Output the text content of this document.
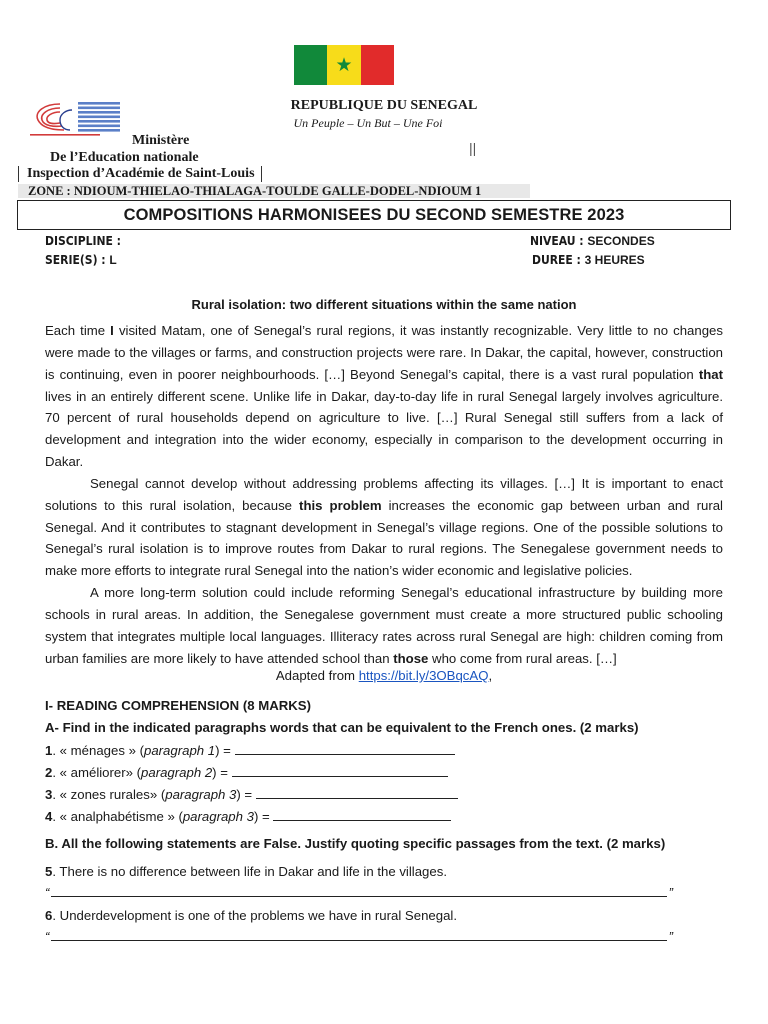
★
REPUBLIQUE DU SENEGAL
Un Peuple – Un But – Une Foi
Ministère
De l’Education nationale
||
Inspection d’Académie de Saint-Louis
ZONE : NDIOUM-THIELAO-THIALAGA-TOULDE GALLE-DODEL-NDIOUM 1
COMPOSITIONS HARMONISEES DU SECOND SEMESTRE 2023
DISCIPLINE :
SERIE(S) : L
NIVEAU : SECONDES
DUREE : 3 HEURES
Rural isolation: two different situations within the same nation

Each time I visited Matam, one of Senegal’s rural regions, it was instantly recognizable. Very little to no changes were made to the villages or farms, and construction projects were rare. In Dakar, the capital, however, construction is continuing, even in poorer neighbourhoods. […] Beyond Senegal’s capital, there is a vast rural population that lives in an entirely different scene. Unlike life in Dakar, day-to-day life in rural Senegal largely involves agriculture. 70 percent of rural households depend on agriculture to live. […] Rural Senegal still suffers from a lack of development and integration into the wider economy, especially in comparison to the development occurring in Dakar.

Senegal cannot develop without addressing problems affecting its villages. […] It is important to enact solutions to this rural isolation, because this problem increases the economic gap between urban and rural Senegal. And it contributes to stagnant development in Senegal’s village regions. One of the possible solutions to Senegal’s rural isolation is to improve routes from Dakar to rural regions. The Senegalese government needs to make more efforts to integrate rural Senegal into the nation’s wider economic and legislative policies.

A more long-term solution could include reforming Senegal’s educational infrastructure by building more schools in rural areas. In addition, the Senegalese government must create a more structured public schooling system that integrates multiple local languages. Illiteracy rates across rural Senegal are high: children coming from urban families are more likely to have attended school than those who come from rural areas. […]

Adapted from https://bit.ly/3OBqcAQ,
I- READING COMPREHENSION (8 MARKS)
A- Find in the indicated paragraphs words that can be equivalent to the French ones. (2 marks)
1. « ménages » (paragraph 1) =
2. « améliorer» (paragraph 2) =
3. « zones rurales» (paragraph 3) =
4. « analphabétisme » (paragraph 3) =
B. All the following statements are False. Justify quoting specific passages from the text. (2 marks)
5. There is no difference between life in Dakar and life in the villages.
“	”
6. Underdevelopment is one of the problems we have in rural Senegal.
“	”
